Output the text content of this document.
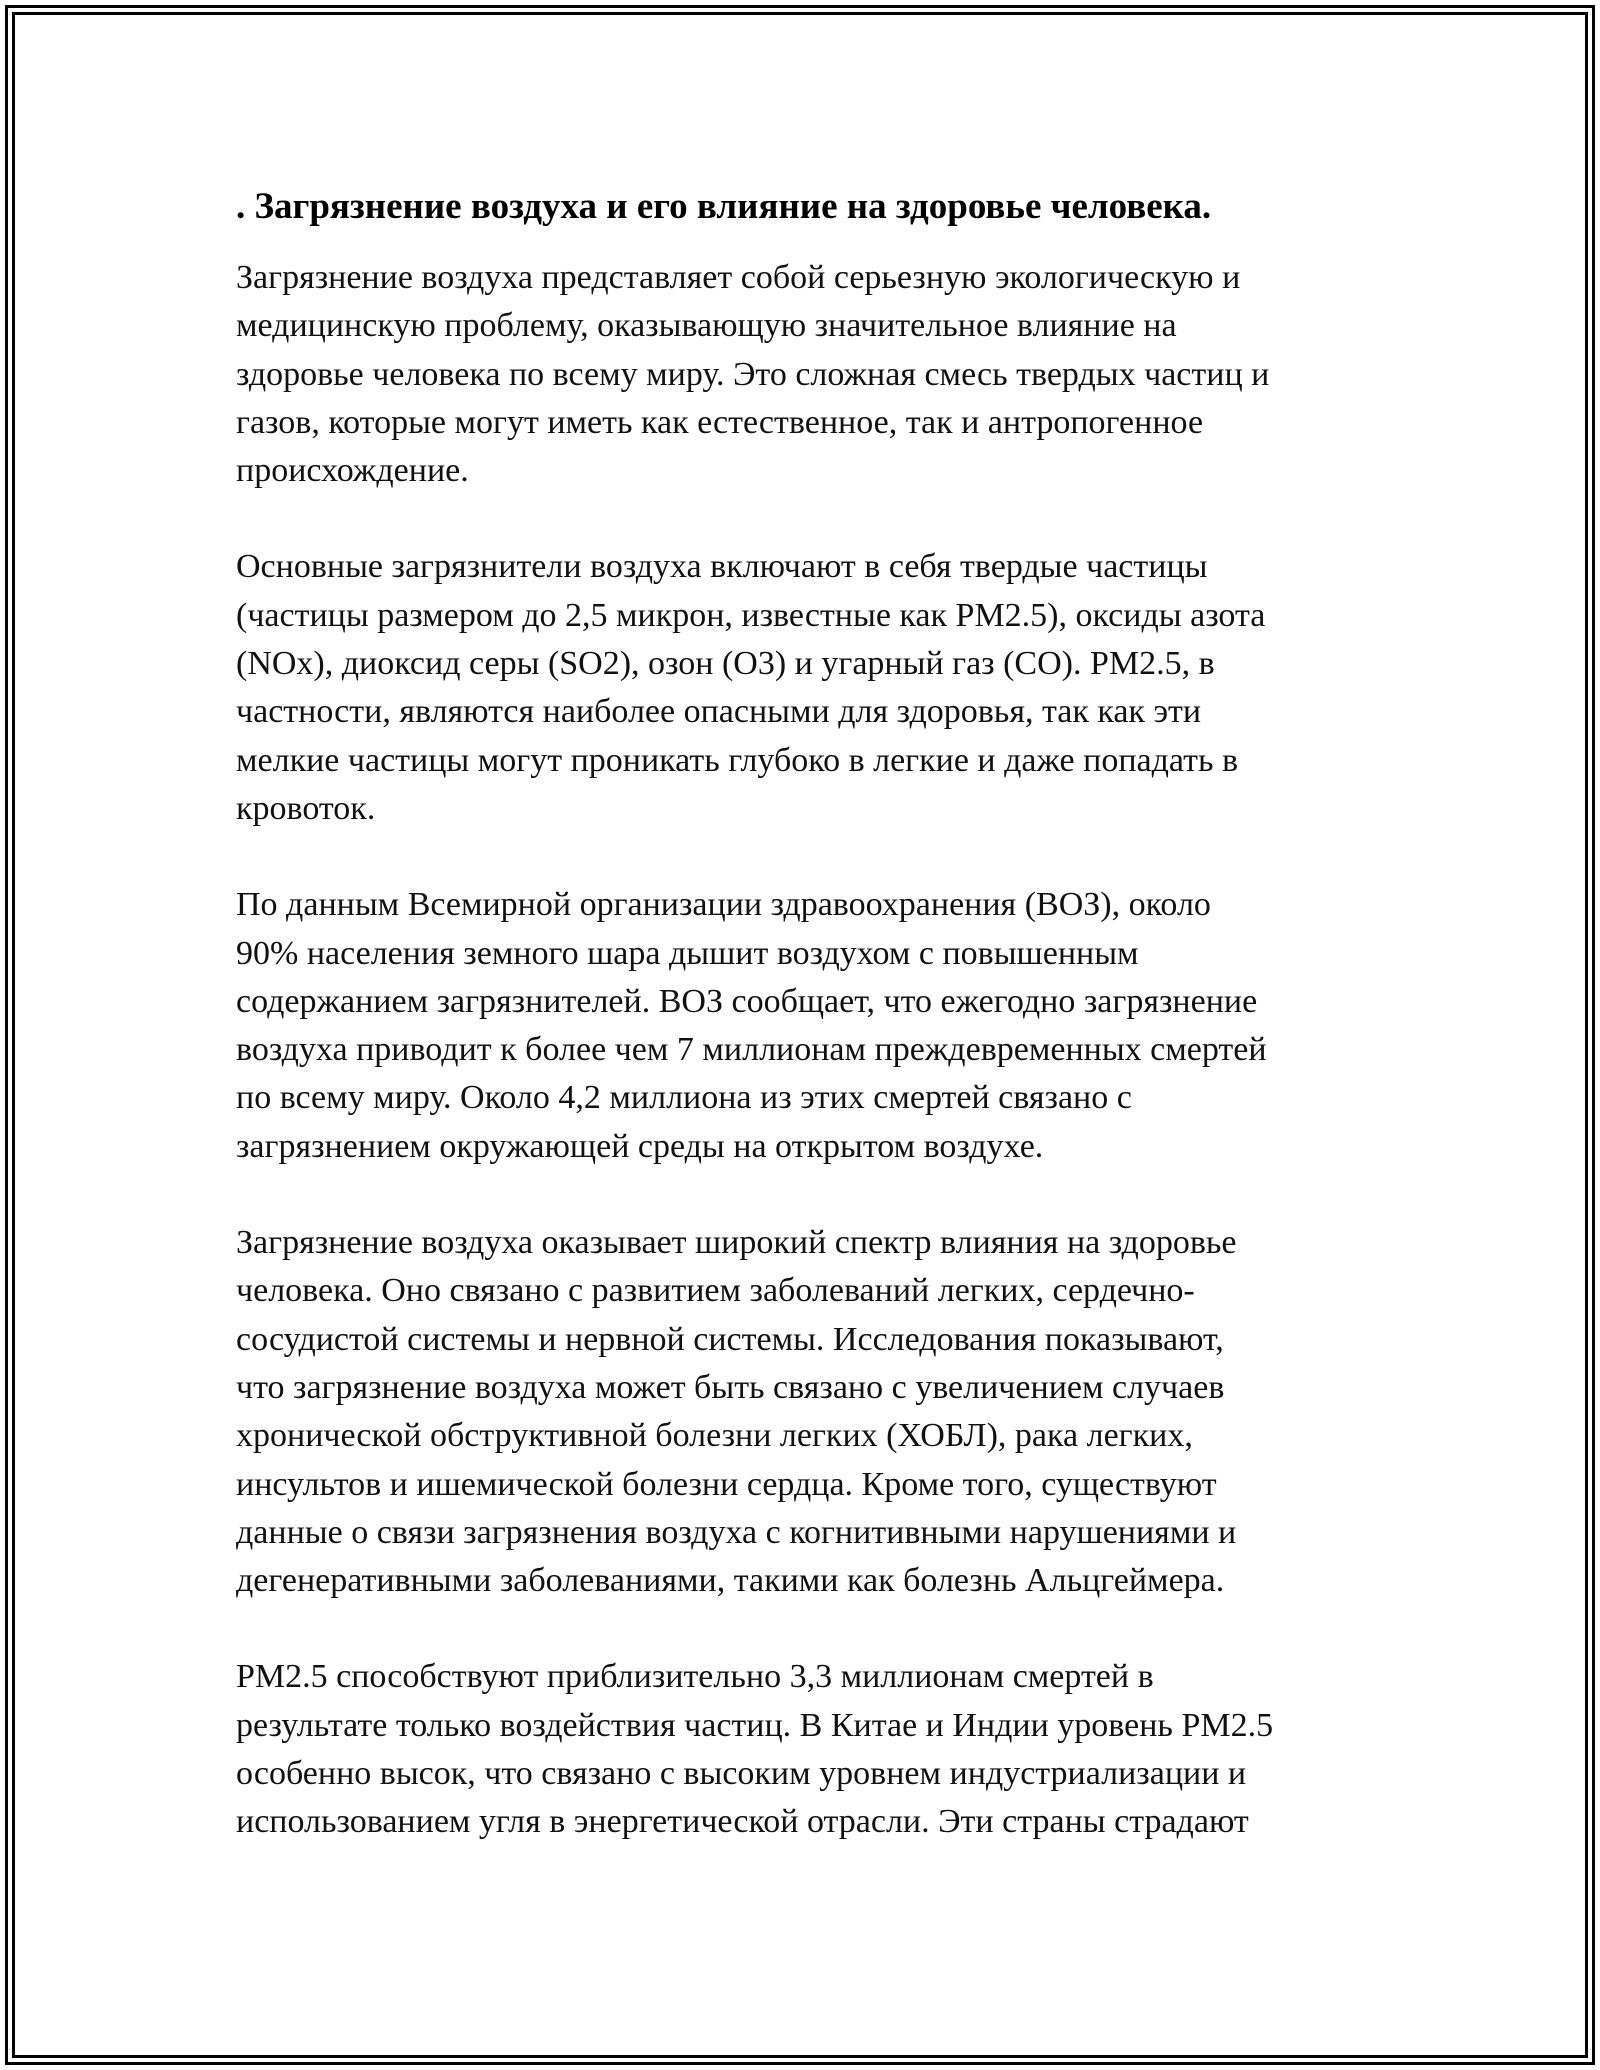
. Загрязнение воздуха и его влияние на здоровье человека.

Загрязнение воздуха представляет собой серьезную экологическую и
медицинскую проблему, оказывающую значительное влияние на
здоровье человека по всему миру. Это сложная смесь твердых частиц и
газов, которые могут иметь как естественное, так и антропогенное
происхождение.

Основные загрязнители воздуха включают в себя твердые частицы
(частицы размером до 2,5 микрон, известные как PM2.5), оксиды азота
(NOx), диоксид серы (SO2), озон (O3) и угарный газ (CO). PM2.5, в
частности, являются наиболее опасными для здоровья, так как эти
мелкие частицы могут проникать глубоко в легкие и даже попадать в
кровоток.

По данным Всемирной организации здравоохранения (ВОЗ), около
90% населения земного шара дышит воздухом с повышенным
содержанием загрязнителей. ВОЗ сообщает, что ежегодно загрязнение
воздуха приводит к более чем 7 миллионам преждевременных смертей
по всему миру. Около 4,2 миллиона из этих смертей связано с
загрязнением окружающей среды на открытом воздухе.

Загрязнение воздуха оказывает широкий спектр влияния на здоровье
человека. Оно связано с развитием заболеваний легких, сердечно-
сосудистой системы и нервной системы. Исследования показывают,
что загрязнение воздуха может быть связано с увеличением случаев
хронической обструктивной болезни легких (ХОБЛ), рака легких,
инсультов и ишемической болезни сердца. Кроме того, существуют
данные о связи загрязнения воздуха с когнитивными нарушениями и
дегенеративными заболеваниями, такими как болезнь Альцгеймера.

PM2.5 способствуют приблизительно 3,3 миллионам смертей в
результате только воздействия частиц. В Китае и Индии уровень PM2.5
особенно высок, что связано с высоким уровнем индустриализации и
использованием угля в энергетической отрасли. Эти страны страдают
